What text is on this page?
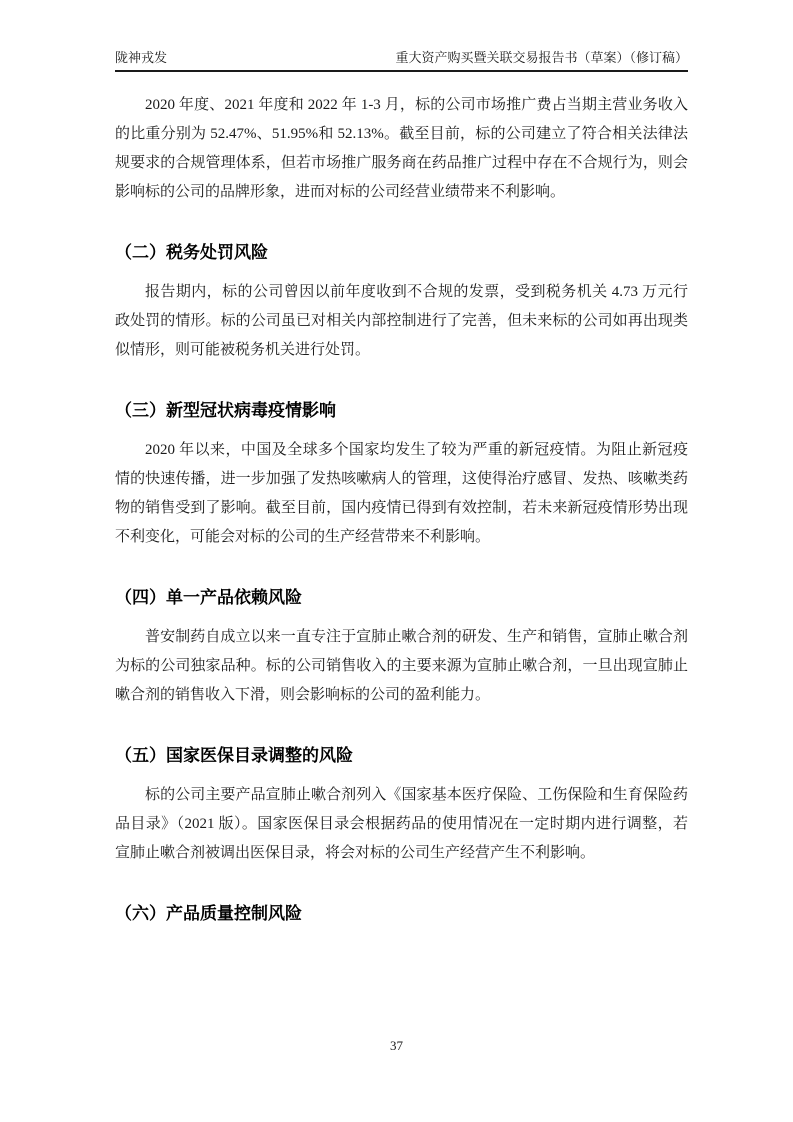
陇神戎发	重大资产购买暨关联交易报告书（草案）（修订稿）

2020 年度、2021 年度和 2022 年 1-3 月，标的公司市场推广费占当期主营业务收入的比重分别为 52.47%、51.95%和 52.13%。截至目前，标的公司建立了符合相关法律法规要求的合规管理体系，但若市场推广服务商在药品推广过程中存在不合规行为，则会影响标的公司的品牌形象，进而对标的公司经营业绩带来不利影响。

（二）税务处罚风险

报告期内，标的公司曾因以前年度收到不合规的发票，受到税务机关 4.73 万元行政处罚的情形。标的公司虽已对相关内部控制进行了完善，但未来标的公司如再出现类似情形，则可能被税务机关进行处罚。

（三）新型冠状病毒疫情影响

2020 年以来，中国及全球多个国家均发生了较为严重的新冠疫情。为阻止新冠疫情的快速传播，进一步加强了发热咳嗽病人的管理，这使得治疗感冒、发热、咳嗽类药物的销售受到了影响。截至目前，国内疫情已得到有效控制，若未来新冠疫情形势出现不利变化，可能会对标的公司的生产经营带来不利影响。

（四）单一产品依赖风险

普安制药自成立以来一直专注于宣肺止嗽合剂的研发、生产和销售，宣肺止嗽合剂为标的公司独家品种。标的公司销售收入的主要来源为宣肺止嗽合剂，一旦出现宣肺止嗽合剂的销售收入下滑，则会影响标的公司的盈利能力。

（五）国家医保目录调整的风险

标的公司主要产品宣肺止嗽合剂列入《国家基本医疗保险、工伤保险和生育保险药品目录》（2021 版）。国家医保目录会根据药品的使用情况在一定时期内进行调整，若宣肺止嗽合剂被调出医保目录，将会对标的公司生产经营产生不利影响。

（六）产品质量控制风险
37
